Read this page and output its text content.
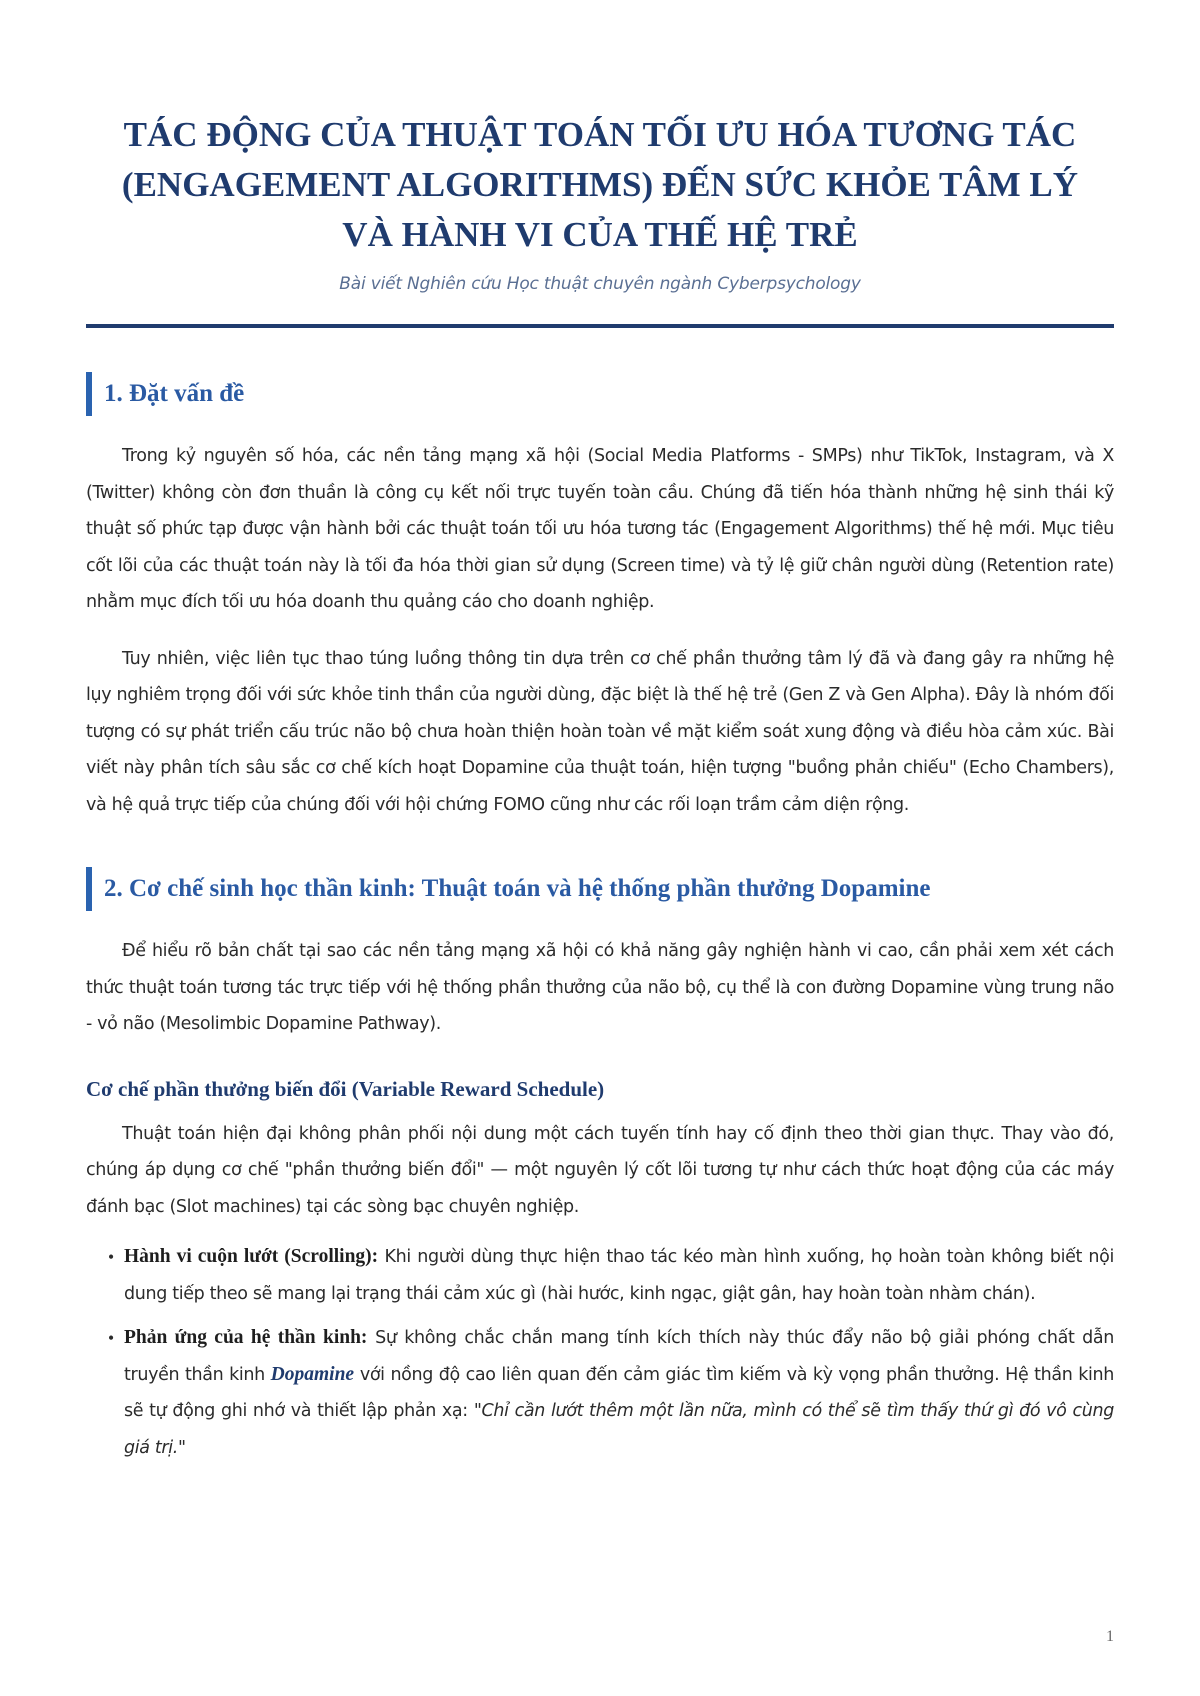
TÁC ĐỘNG CỦA THUẬT TOÁN TỐI ƯU HÓA TƯƠNG TÁC
(ENGAGEMENT ALGORITHMS) ĐẾN SỨC KHỎE TÂM LÝ
VÀ HÀNH VI CỦA THẾ HỆ TRẺ
Bài viết Nghiên cứu Học thuật chuyên ngành Cyberpsychology
1. Đặt vấn đề

Trong kỷ nguyên số hóa, các nền tảng mạng xã hội (Social Media Platforms - SMPs) như TikTok, Instagram, và X (Twitter) không còn đơn thuần là công cụ kết nối trực tuyến toàn cầu. Chúng đã tiến hóa thành những hệ sinh thái kỹ thuật số phức tạp được vận hành bởi các thuật toán tối ưu hóa tương tác (Engagement Algorithms) thế hệ mới. Mục tiêu cốt lõi của các thuật toán này là tối đa hóa thời gian sử dụng (Screen time) và tỷ lệ giữ chân người dùng (Retention rate) nhằm mục đích tối ưu hóa doanh thu quảng cáo cho doanh nghiệp.

Tuy nhiên, việc liên tục thao túng luồng thông tin dựa trên cơ chế phần thưởng tâm lý đã và đang gây ra những hệ lụy nghiêm trọng đối với sức khỏe tinh thần của người dùng, đặc biệt là thế hệ trẻ (Gen Z và Gen Alpha). Đây là nhóm đối tượng có sự phát triển cấu trúc não bộ chưa hoàn thiện hoàn toàn về mặt kiểm soát xung động và điều hòa cảm xúc. Bài viết này phân tích sâu sắc cơ chế kích hoạt Dopamine của thuật toán, hiện tượng "buồng phản chiếu" (Echo Chambers), và hệ quả trực tiếp của chúng đối với hội chứng FOMO cũng như các rối loạn trầm cảm diện rộng.

2. Cơ chế sinh học thần kinh: Thuật toán và hệ thống phần thưởng Dopamine

Để hiểu rõ bản chất tại sao các nền tảng mạng xã hội có khả năng gây nghiện hành vi cao, cần phải xem xét cách thức thuật toán tương tác trực tiếp với hệ thống phần thưởng của não bộ, cụ thể là con đường Dopamine vùng trung não - vỏ não (Mesolimbic Dopamine Pathway).

Cơ chế phần thưởng biến đổi (Variable Reward Schedule)

Thuật toán hiện đại không phân phối nội dung một cách tuyến tính hay cố định theo thời gian thực. Thay vào đó, chúng áp dụng cơ chế "phần thưởng biến đổi" — một nguyên lý cốt lõi tương tự như cách thức hoạt động của các máy đánh bạc (Slot machines) tại các sòng bạc chuyên nghiệp.

• Hành vi cuộn lướt (Scrolling): Khi người dùng thực hiện thao tác kéo màn hình xuống, họ hoàn toàn không biết nội dung tiếp theo sẽ mang lại trạng thái cảm xúc gì (hài hước, kinh ngạc, giật gân, hay hoàn toàn nhàm chán).
• Phản ứng của hệ thần kinh: Sự không chắc chắn mang tính kích thích này thúc đẩy não bộ giải phóng chất dẫn truyền thần kinh Dopamine với nồng độ cao liên quan đến cảm giác tìm kiếm và kỳ vọng phần thưởng. Hệ thần kinh sẽ tự động ghi nhớ và thiết lập phản xạ: "Chỉ cần lướt thêm một lần nữa, mình có thể sẽ tìm thấy thứ gì đó vô cùng giá trị."
1
